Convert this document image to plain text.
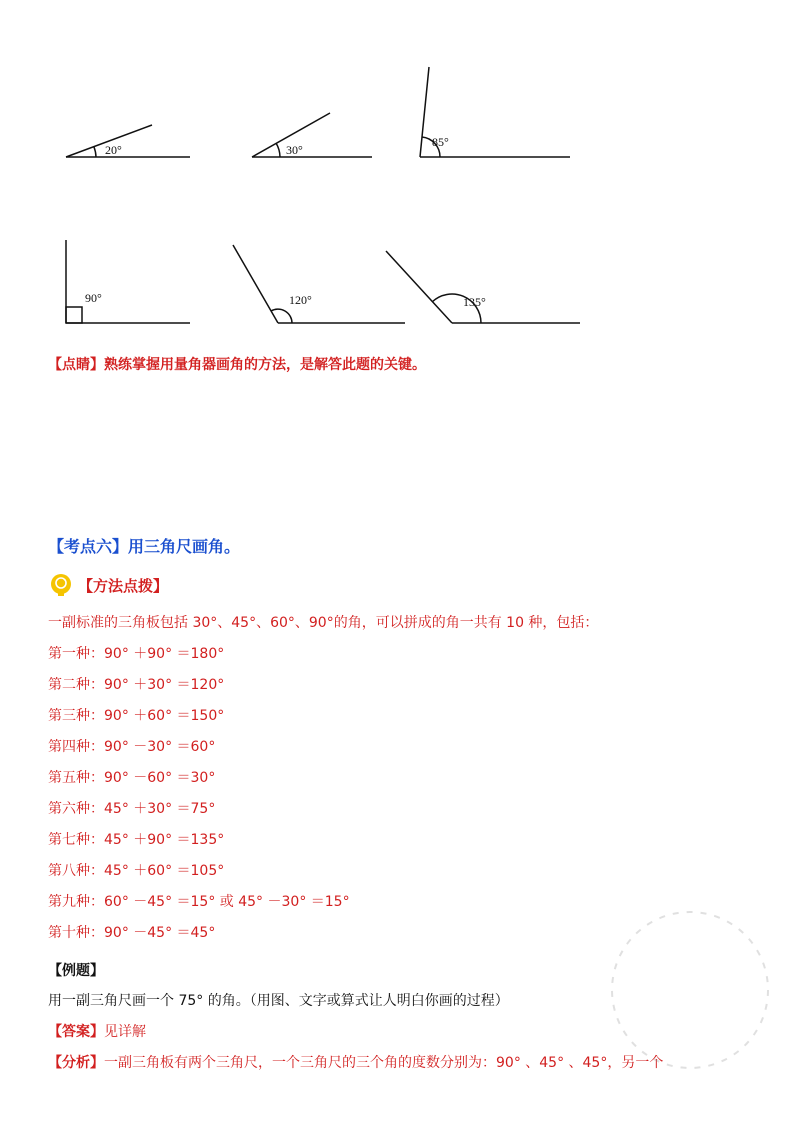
20°	30°
85°
90°	120°	135°
【点睛】熟练掌握用量角器画角的方法，是解答此题的关键。
【考点六】用三角尺画角。
【方法点拨】
一副标准的三角板包括 30°、45°、60°、90°的角，可以拼成的角一共有 10 种，包括：
第一种：90° ＋90° ＝180°
第二种：90° ＋30° ＝120°
第三种：90° ＋60° ＝150°
第四种：90° －30° ＝60°
第五种：90° －60° ＝30°
第六种：45° ＋30° ＝75°
第七种：45° ＋90° ＝135°
第八种：45° ＋60° ＝105°
第九种：60° －45° ＝15° 或 45° －30° ＝15°
第十种：90° －45° ＝45°
【例题】
用一副三角尺画一个 75° 的角。（用图、文字或算式让人明白你画的过程）
【答案】见详解
【分析】一副三角板有两个三角尺，一个三角尺的三个角的度数分别为：90° 、45° 、45°，另一个
